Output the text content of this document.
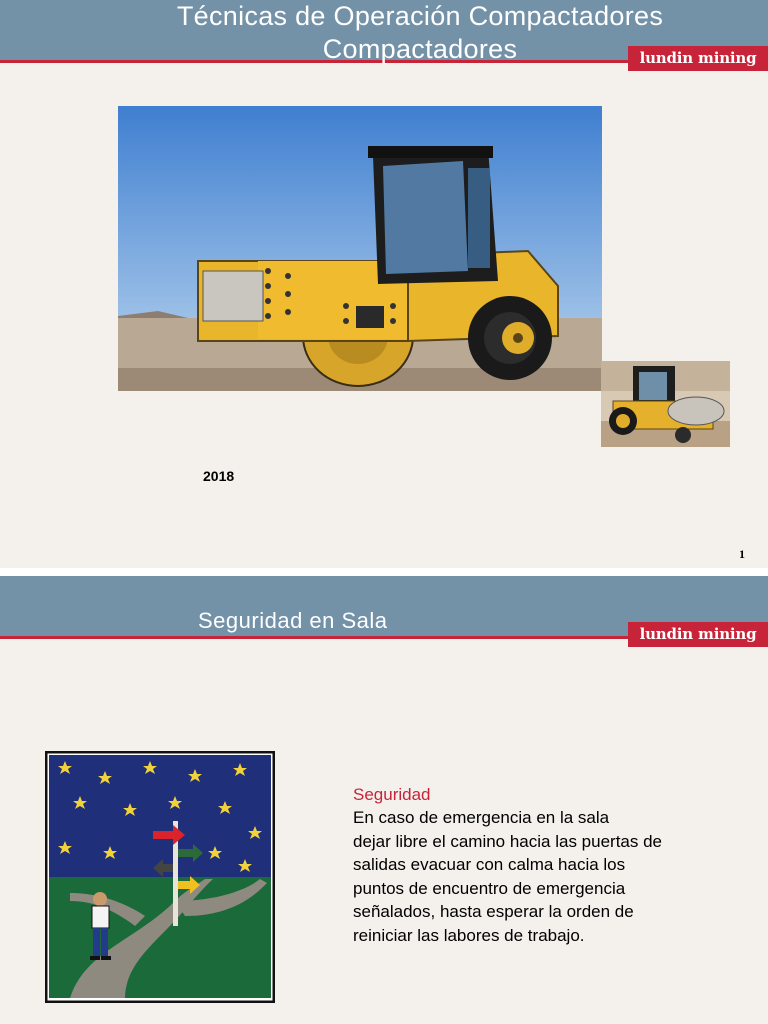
Técnicas de Operación Compactadores
Compactadores	lundin mining
2018
1
Seguridad en Sala
lundin mining
Seguridad
En caso de emergencia en la sala
dejar libre el camino hacia las puertas de
salidas evacuar con calma hacia los
puntos de encuentro de emergencia
señalados, hasta esperar la orden de
reiniciar las labores de trabajo.
